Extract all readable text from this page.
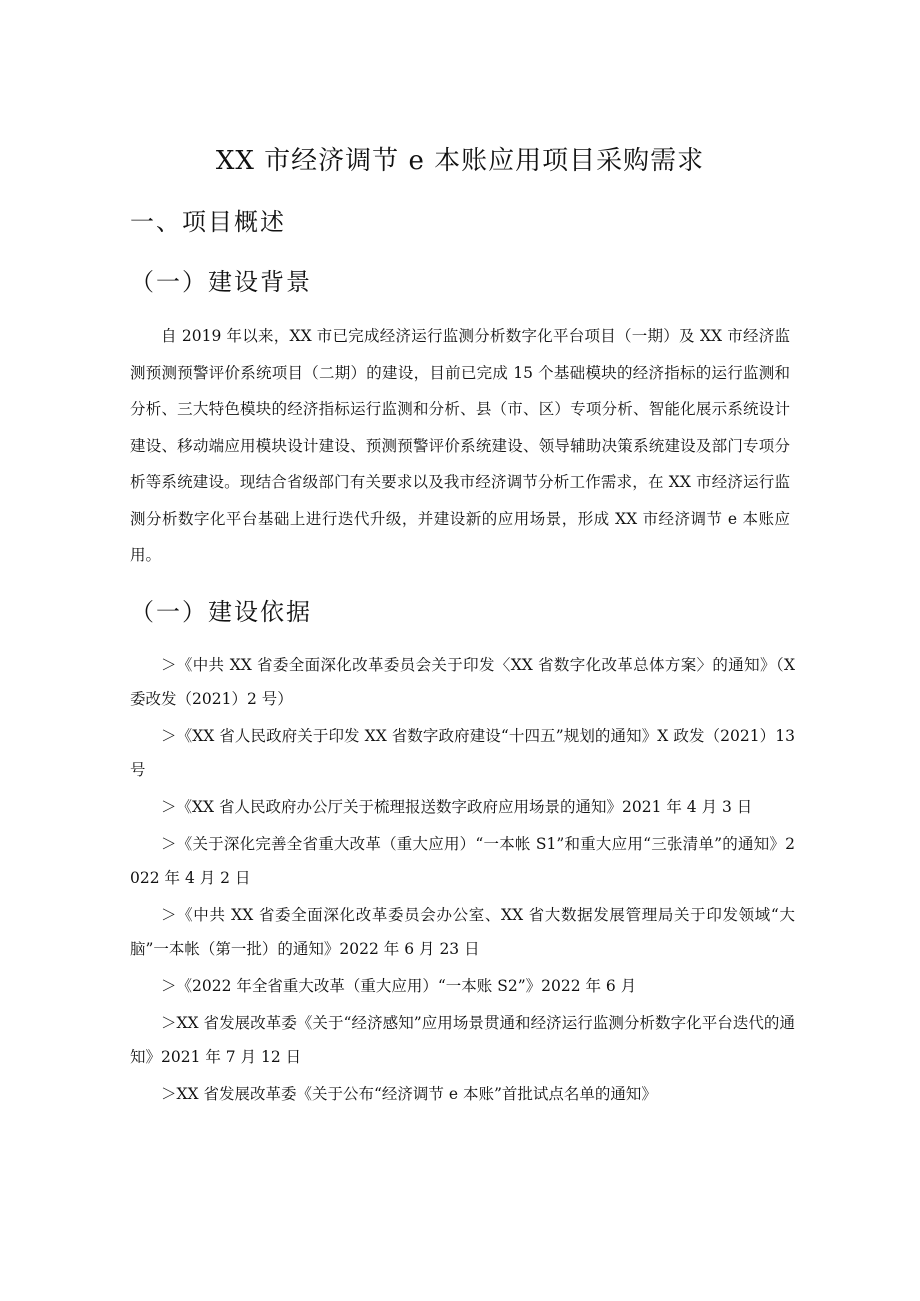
XX 市经济调节 e 本账应用项目采购需求
一、项目概述
（一）建设背景

自 2019 年以来，XX 市已完成经济运行监测分析数字化平台项目（一期）及 XX 市经济监测预测预警评价系统项目（二期）的建设，目前已完成 15 个基础模块的经济指标的运行监测和分析、三大特色模块的经济指标运行监测和分析、县（市、区）专项分析、智能化展示系统设计建设、移动端应用模块设计建设、预测预警评价系统建设、领导辅助决策系统建设及部门专项分析等系统建设。现结合省级部门有关要求以及我市经济调节分析工作需求，在 XX 市经济运行监测分析数字化平台基础上进行迭代升级，并建设新的应用场景，形成 XX 市经济调节 e 本账应用。

（一）建设依据
＞《中共 XX 省委全面深化改革委员会关于印发〈XX 省数字化改革总体方案〉的通知》（X 委改发（2021）2 号）
＞《XX 省人民政府关于印发 XX 省数字政府建设“十四五”规划的通知》X 政发（2021）13 号
＞《XX 省人民政府办公厅关于梳理报送数字政府应用场景的通知》2021 年 4 月 3 日
＞《关于深化完善全省重大改革（重大应用）“一本帐 S1”和重大应用“三张清单”的通知》2022 年 4 月 2 日
＞《中共 XX 省委全面深化改革委员会办公室、XX 省大数据发展管理局关于印发领域“大脑”一本帐（第一批）的通知》2022 年 6 月 23 日
＞《2022 年全省重大改革（重大应用）“一本账 S2”》2022 年 6 月
＞XX 省发展改革委《关于“经济感知”应用场景贯通和经济运行监测分析数字化平台迭代的通知》2021 年 7 月 12 日
＞XX 省发展改革委《关于公布“经济调节 e 本账”首批试点名单的通知》
